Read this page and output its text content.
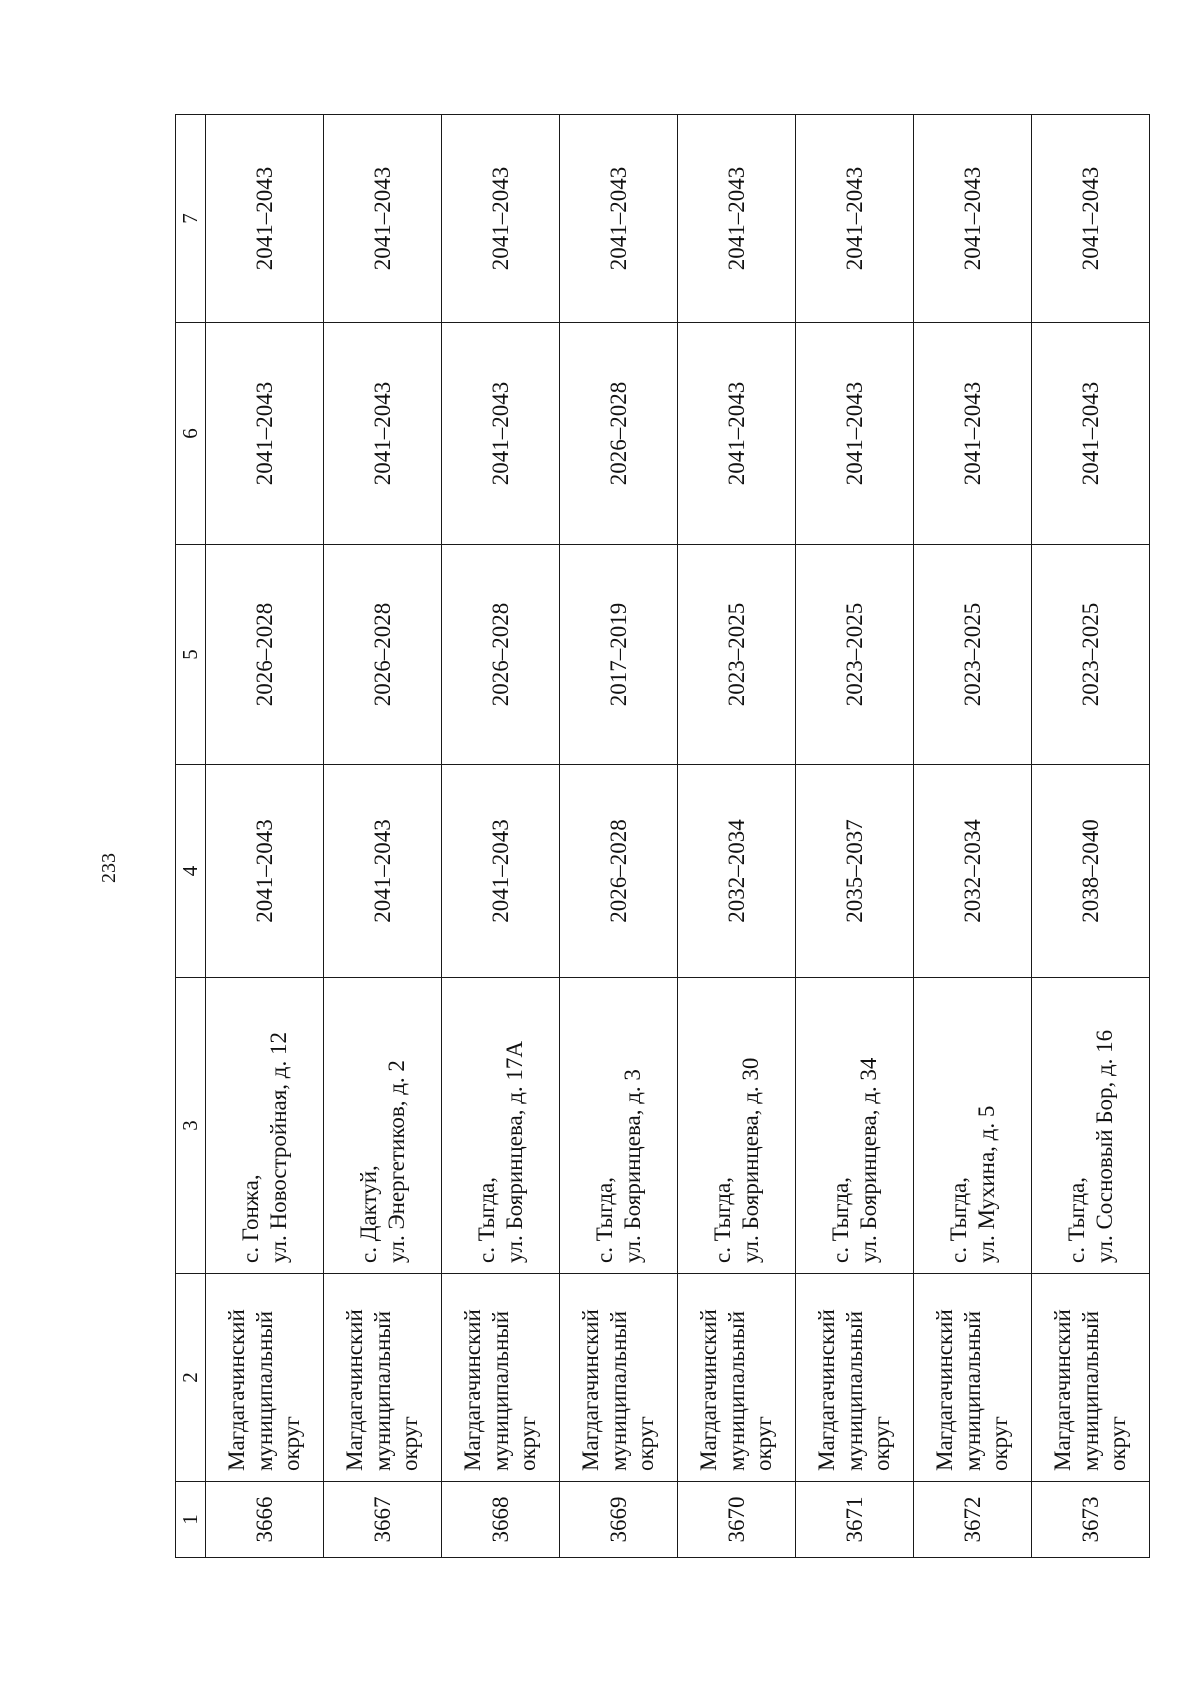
233
1	2	3	4	5	6	7
3666	Магдагачинский муниципальный округ	с. Гонжа, ул. Новостройная, д. 12	2041–2043	2026–2028	2041–2043	2041–2043
3667	Магдагачинский муниципальный округ	с. Дактуй, ул. Энергетиков, д. 2	2041–2043	2026–2028	2041–2043	2041–2043
3668	Магдагачинский муниципальный округ	с. Тыгда, ул. Бояринцева, д. 17А	2041–2043	2026–2028	2041–2043	2041–2043
3669	Магдагачинский муниципальный округ	с. Тыгда, ул. Бояринцева, д. 3	2026–2028	2017–2019	2026–2028	2041–2043
3670	Магдагачинский муниципальный округ	с. Тыгда, ул. Бояринцева, д. 30	2032–2034	2023–2025	2041–2043	2041–2043
3671	Магдагачинский муниципальный округ	с. Тыгда, ул. Бояринцева, д. 34	2035–2037	2023–2025	2041–2043	2041–2043
3672	Магдагачинский муниципальный округ	с. Тыгда, ул. Мухина, д. 5	2032–2034	2023–2025	2041–2043	2041–2043
3673	Магдагачинский муниципальный округ	с. Тыгда, ул. Сосновый Бор, д. 16	2038–2040	2023–2025	2041–2043	2041–2043
